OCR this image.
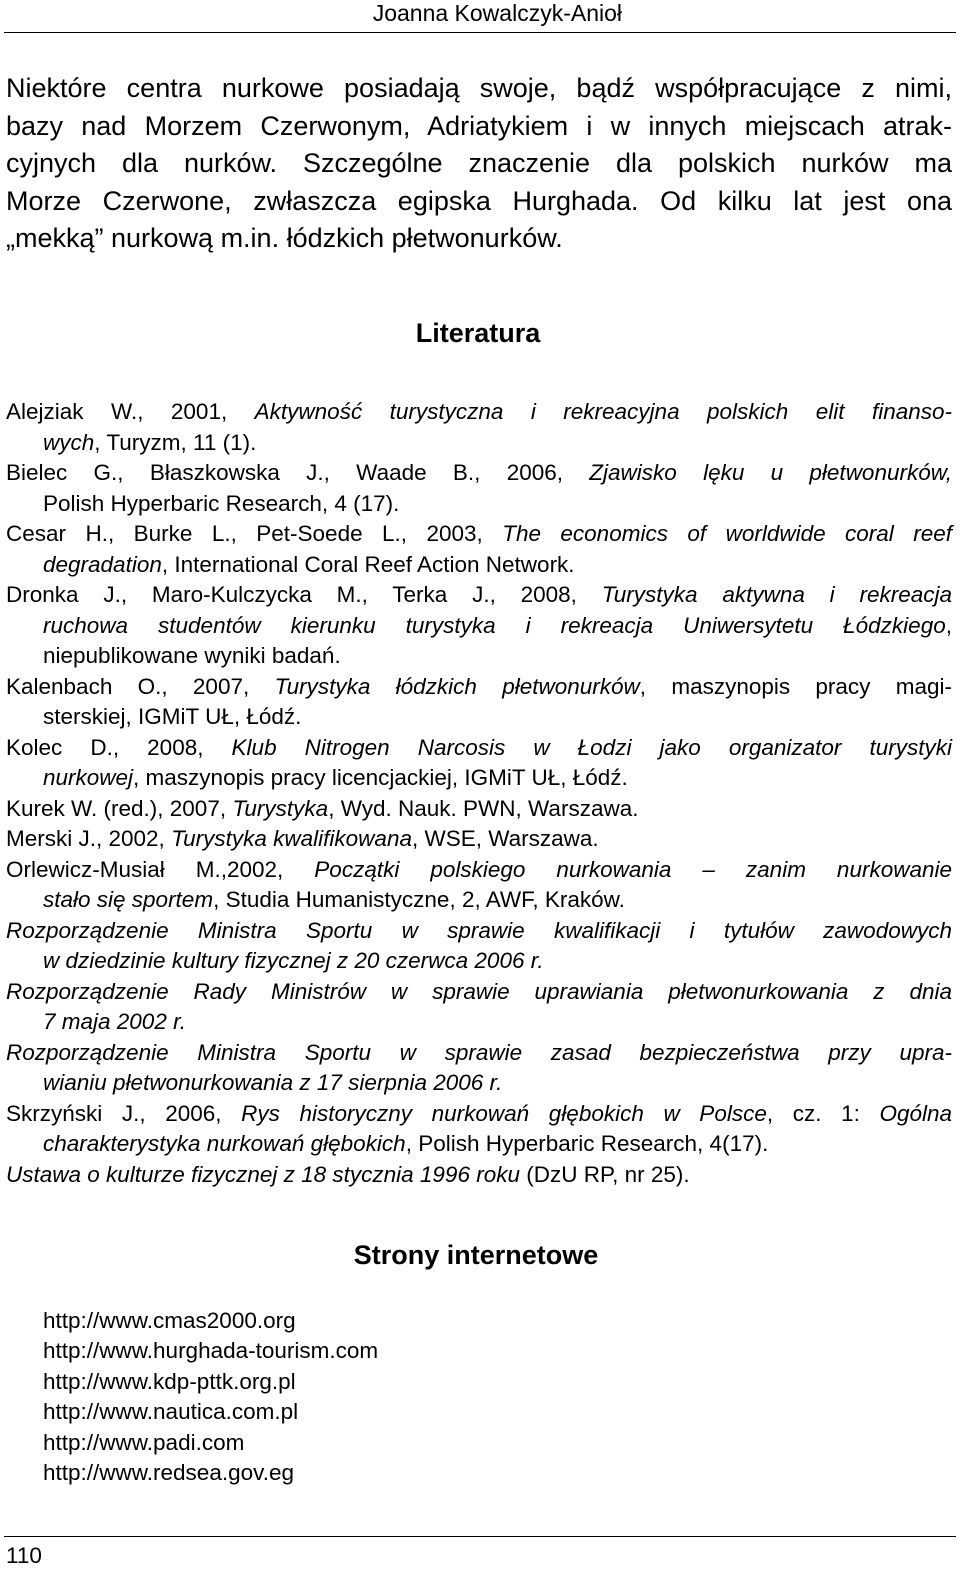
Joanna Kowalczyk-Anioł
Niektóre centra nurkowe posiadają swoje, bądź współpracujące z nimi,
bazy nad Morzem Czerwonym, Adriatykiem i w innych miejscach atrak-
cyjnych dla nurków. Szczególne znaczenie dla polskich nurków ma
Morze Czerwone, zwłaszcza egipska Hurghada. Od kilku lat jest ona
„mekką” nurkową m.in. łódzkich płetwonurków.
Literatura
Alejziak W., 2001, Aktywność turystyczna i rekreacyjna polskich elit finanso-
wych, Turyzm, 11 (1).
Bielec G., Błaszkowska J., Waade B., 2006, Zjawisko lęku u płetwonurków,
Polish Hyperbaric Research, 4 (17).
Cesar H., Burke L., Pet-Soede L., 2003, The economics of worldwide coral reef
degradation, International Coral Reef Action Network.
Dronka J., Maro-Kulczycka M., Terka J., 2008, Turystyka aktywna i rekreacja
ruchowa studentów kierunku turystyka i rekreacja Uniwersytetu Łódzkiego,
niepublikowane wyniki badań.
Kalenbach O., 2007, Turystyka łódzkich płetwonurków, maszynopis pracy magi-
sterskiej, IGMiT UŁ, Łódź.
Kolec D., 2008, Klub Nitrogen Narcosis w Łodzi jako organizator turystyki
nurkowej, maszynopis pracy licencjackiej, IGMiT UŁ, Łódź.
Kurek W. (red.), 2007, Turystyka, Wyd. Nauk. PWN, Warszawa.
Merski J., 2002, Turystyka kwalifikowana, WSE, Warszawa.
Orlewicz-Musiał M.,2002, Początki polskiego nurkowania – zanim nurkowanie
stało się sportem, Studia Humanistyczne, 2, AWF, Kraków.
Rozporządzenie Ministra Sportu w sprawie kwalifikacji i tytułów zawodowych
w dziedzinie kultury fizycznej z 20 czerwca 2006 r.
Rozporządzenie Rady Ministrów w sprawie uprawiania płetwonurkowania z dnia
7 maja 2002 r.
Rozporządzenie Ministra Sportu w sprawie zasad bezpieczeństwa przy upra-
wianiu płetwonurkowania z 17 sierpnia 2006 r.
Skrzyński J., 2006, Rys historyczny nurkowań głębokich w Polsce, cz. 1: Ogólna
charakterystyka nurkowań głębokich, Polish Hyperbaric Research, 4(17).
Ustawa o kulturze fizycznej z 18 stycznia 1996 roku (DzU RP, nr 25).
Strony internetowe
http://www.cmas2000.org
http://www.hurghada-tourism.com
http://www.kdp-pttk.org.pl
http://www.nautica.com.pl
http://www.padi.com
http://www.redsea.gov.eg
110
